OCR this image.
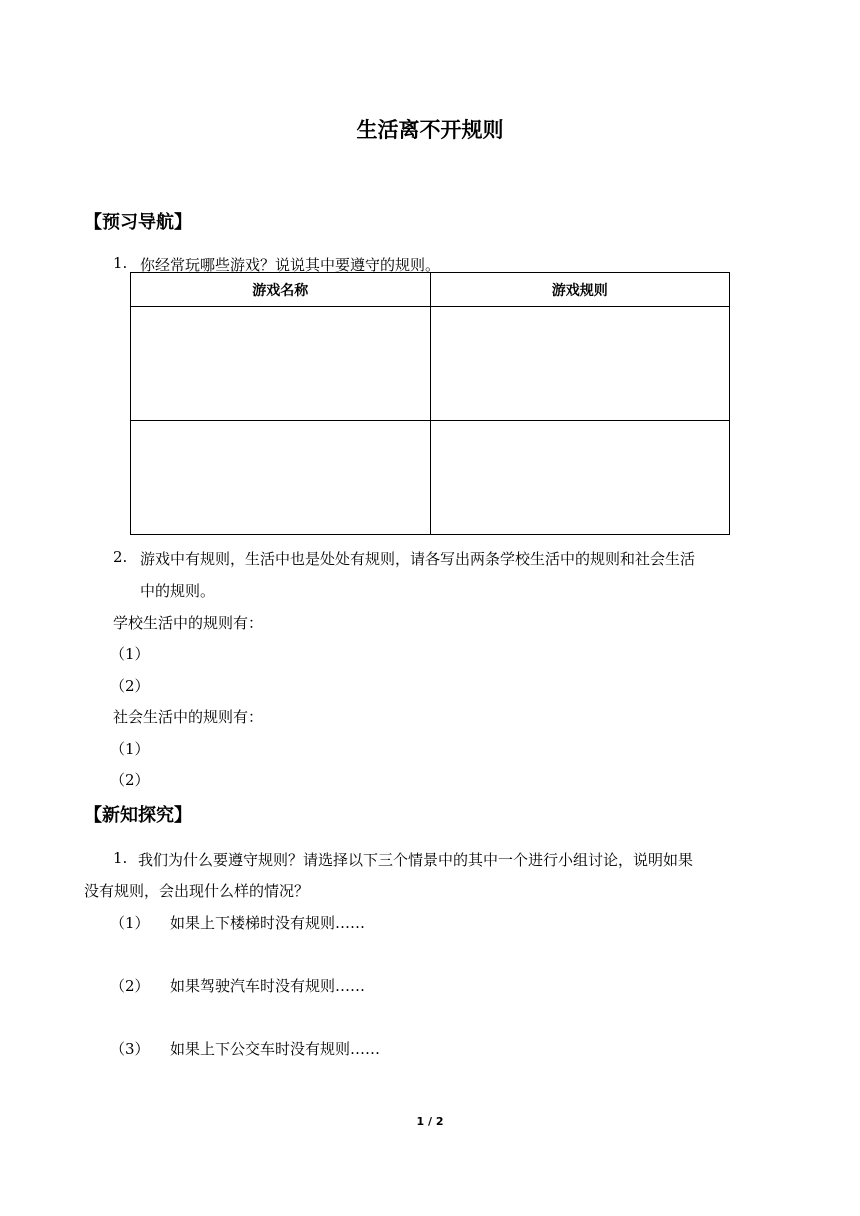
生活离不开规则
【预习导航】
1. 你经常玩哪些游戏？说说其中要遵守的规则。
游戏名称	游戏规则

2. 游戏中有规则，生活中也是处处有规则，请各写出两条学校生活中的规则和社会生活
中的规则。
学校生活中的规则有：
（1）
（2）
社会生活中的规则有：
（1）
（2）
【新知探究】
1. 我们为什么要遵守规则？请选择以下三个情景中的其中一个进行小组讨论，说明如果
没有规则，会出现什么样的情况？
（1） 如果上下楼梯时没有规则……
（2） 如果驾驶汽车时没有规则……
（3） 如果上下公交车时没有规则……
1 / 2
